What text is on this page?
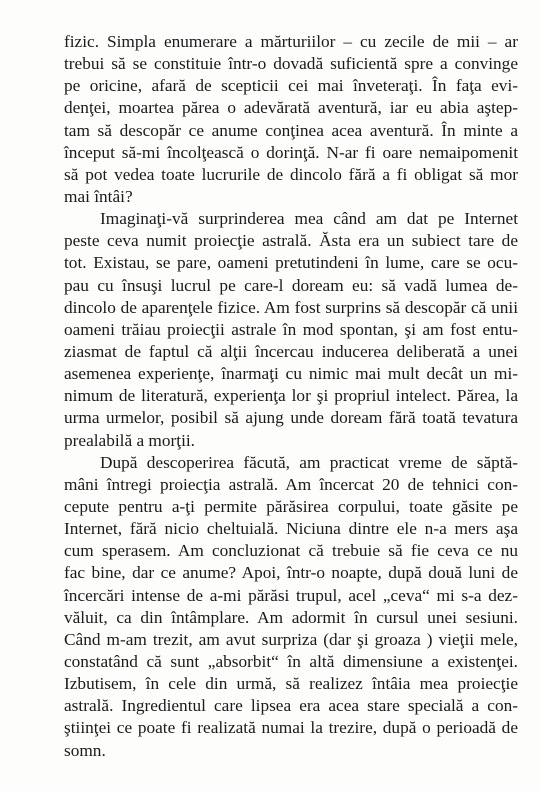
fizic. Simpla enumerare a mărturiilor – cu zecile de mii – ar
trebui să se constituie într-o dovadă suficientă spre a convinge
pe oricine, afară de scepticii cei mai înveteraţi. În faţa evi-
denţei, moartea părea o adevărată aventură, iar eu abia aştep-
tam să descopăr ce anume conţinea acea aventură. În minte a
început să-mi încolţească o dorinţă. N-ar fi oare nemaipomenit
să pot vedea toate lucrurile de dincolo fără a fi obligat să mor
mai întâi?
Imaginaţi-vă surprinderea mea când am dat pe Internet
peste ceva numit proiecţie astrală. Ăsta era un subiect tare de
tot. Existau, se pare, oameni pretutindeni în lume, care se ocu-
pau cu însuşi lucrul pe care-l doream eu: să vadă lumea de-
dincolo de aparenţele fizice. Am fost surprins să descopăr că unii
oameni trăiau proiecţii astrale în mod spontan, şi am fost entu-
ziasmat de faptul că alţii încercau inducerea deliberată a unei
asemenea experienţe, înarmaţi cu nimic mai mult decât un mi-
nimum de literatură, experienţa lor şi propriul intelect. Părea, la
urma urmelor, posibil să ajung unde doream fără toată tevatura
prealabilă a morţii.
După descoperirea făcută, am practicat vreme de săptă-
mâni întregi proiecţia astrală. Am încercat 20 de tehnici con-
cepute pentru a-ţi permite părăsirea corpului, toate găsite pe
Internet, fără nicio cheltuială. Niciuna dintre ele n-a mers aşa
cum sperasem. Am concluzionat că trebuie să fie ceva ce nu
fac bine, dar ce anume? Apoi, într-o noapte, după două luni de
încercări intense de a-mi părăsi trupul, acel „ceva“ mi s-a dez-
văluit, ca din întâmplare. Am adormit în cursul unei sesiuni.
Când m-am trezit, am avut surpriza (dar şi groaza ) vieţii mele,
constatând că sunt „absorbit“ în altă dimensiune a existenţei.
Izbutisem, în cele din urmă, să realizez întâia mea proiecţie
astrală. Ingredientul care lipsea era acea stare specială a con-
ştiinţei ce poate fi realizată numai la trezire, după o perioadă de
somn.
